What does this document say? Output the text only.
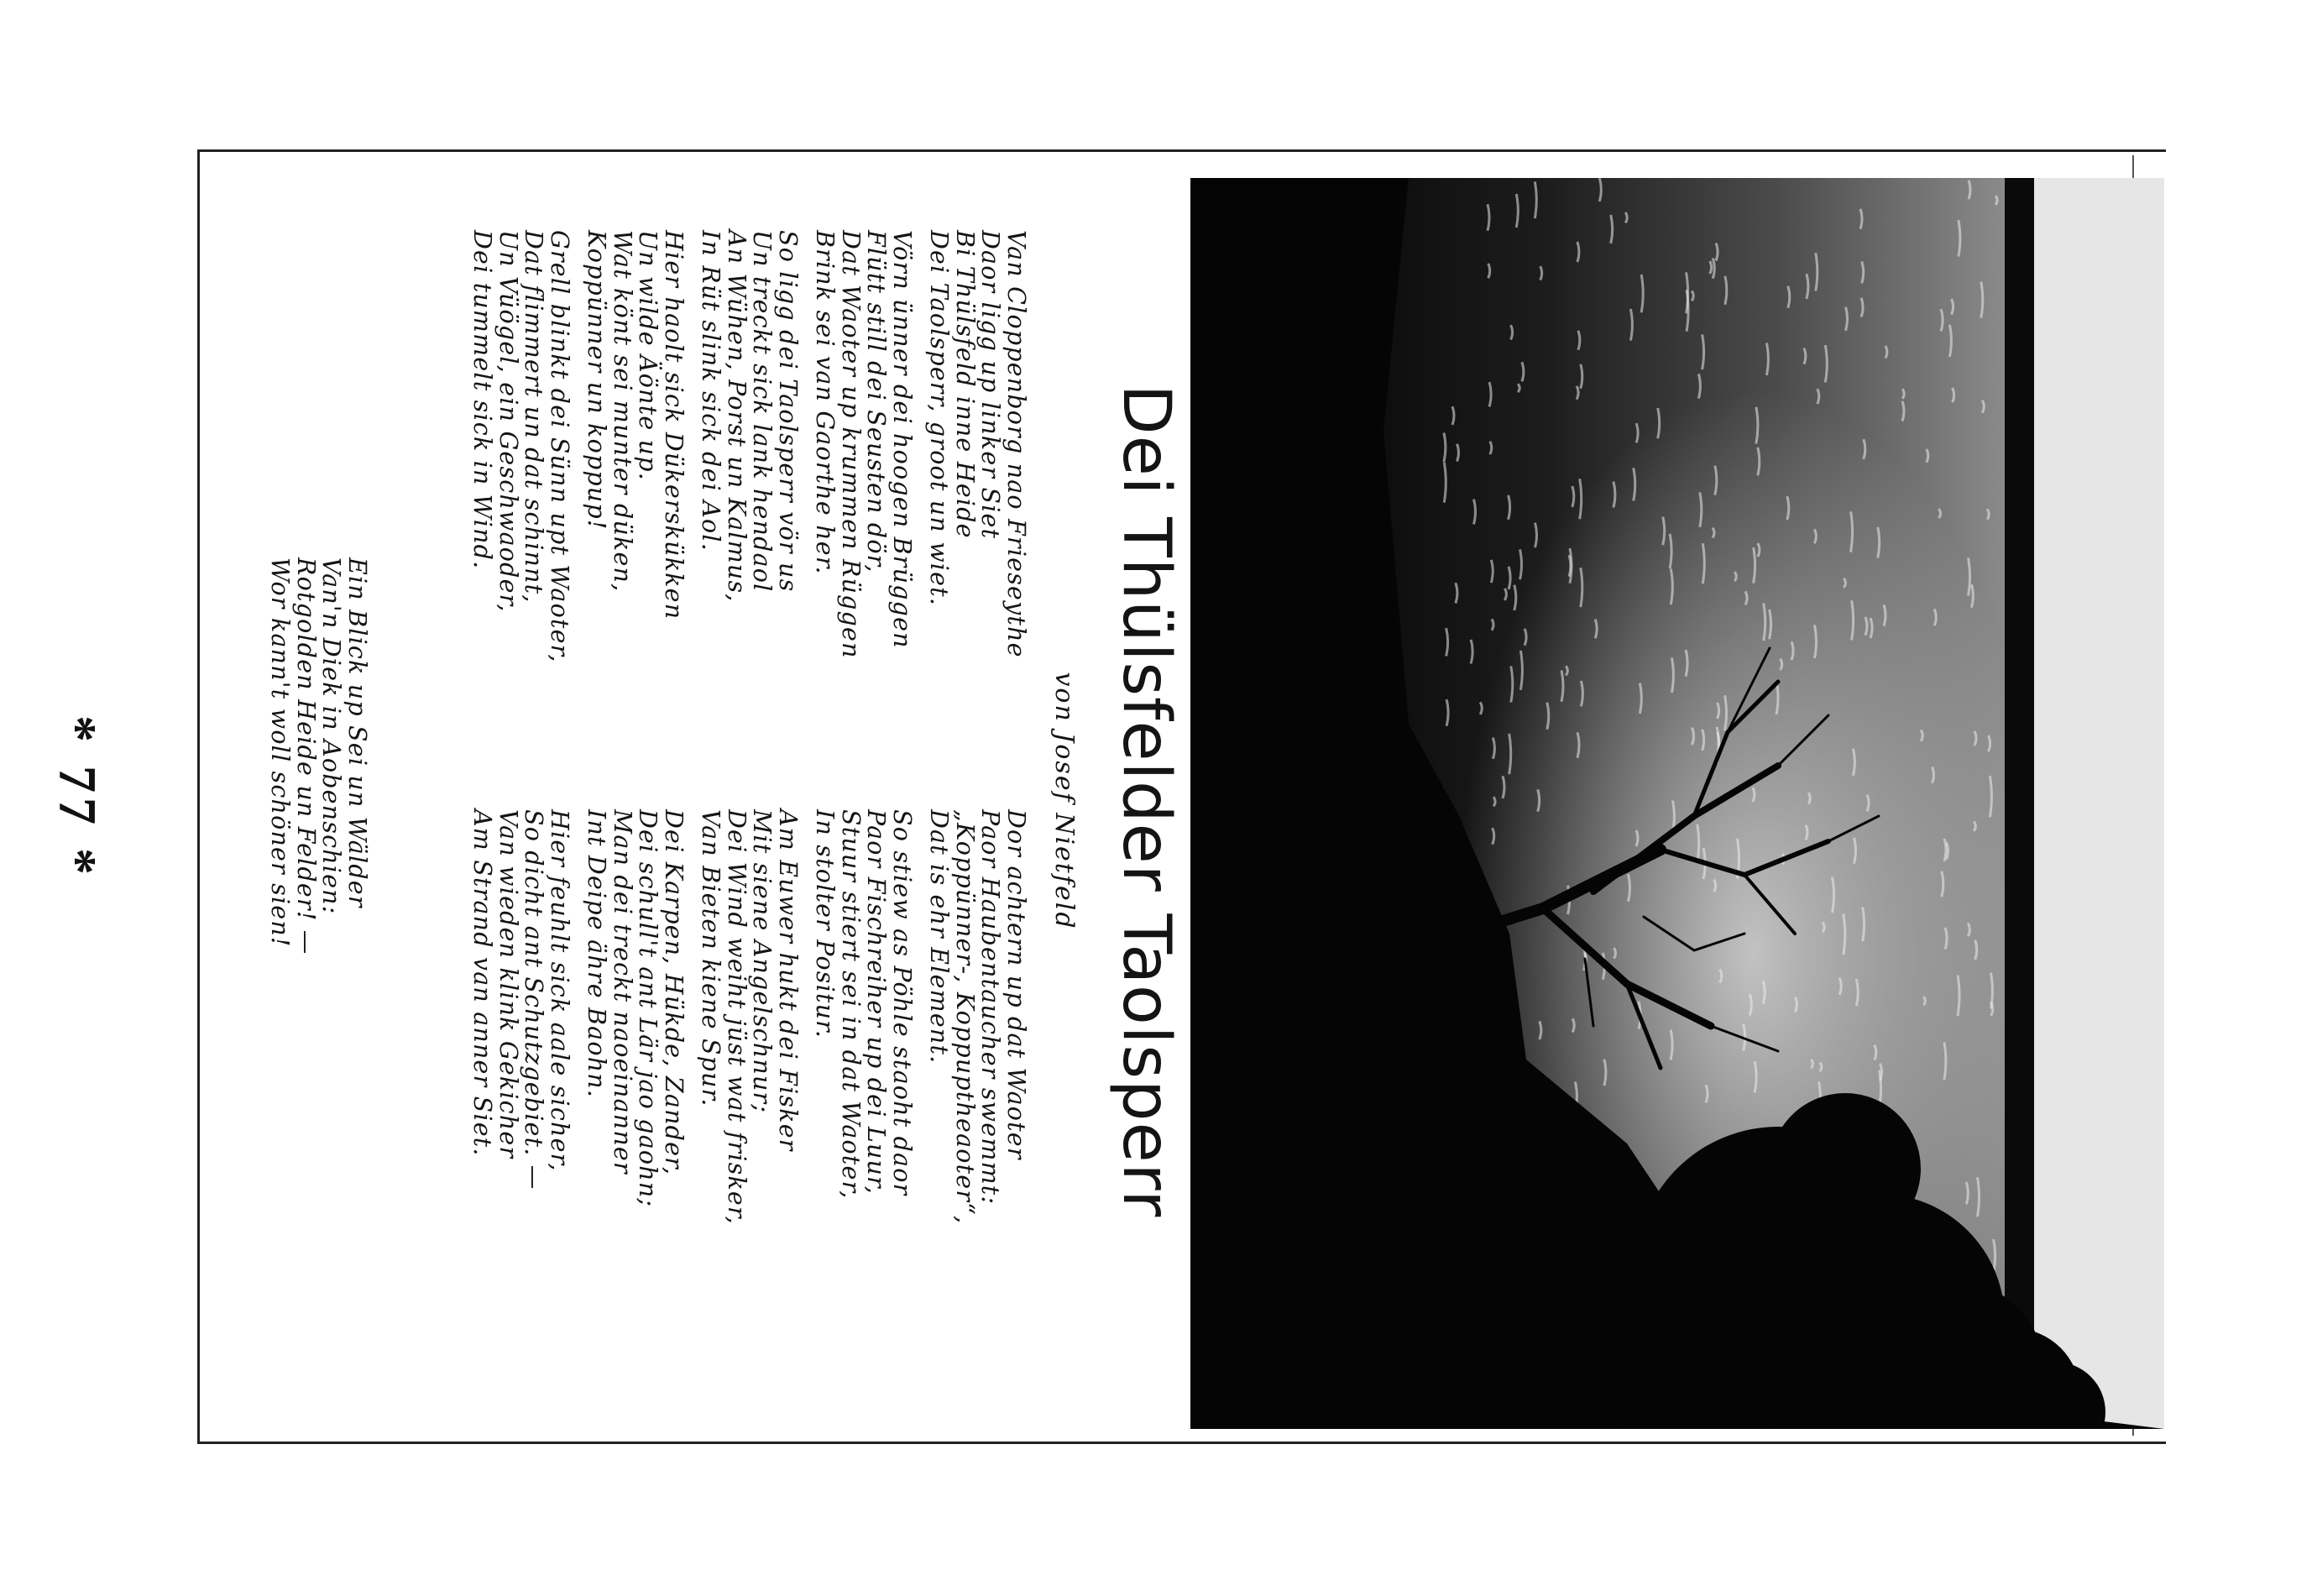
* 77 *	Dei Thülsfelder Taolsperr
von Josef Nietfeld
Van Cloppenborg nao Frieseythe
Daor ligg up linker Siet
Bi Thülsfeld inne Heide
Dei Taolsperr, groot un wiet.
Vörn ünner dei hoogen Brüggen
Flütt still dei Seusten dör,
Dat Waoter up krummen Rüggen
Brink sei van Gaorthe her.
So ligg dei Taolsperr vör us
Un treckt sick lank hendaol
An Wühen, Porst un Kalmus,
In Rüt slink sick dei Aol.
Hier haolt sick Dükerskükken
Un wilde Äönte up.
Wat könt sei munter düken,
Koppünner un koppup!
Grell blinkt dei Sünn upt Waoter,
Dat flimmert un dat schinnt,
Un Vüögel, ein Geschwaoder,
Dei tummelt sick in Wind.
Dor achtern up dat Waoter
Paor Haubentaucher swemmt:
„Koppünner-, Koppuptheaoter“,
Dat is ehr Element.
So stiew as Pöhle staoht daor
Paor Fischreiher up dei Luur,
Stuur stiert sei in dat Waoter,
In stolter Positur.
Am Euwer hukt dei Fisker
Mit siene Angelschnur;
Dei Wind weiht jüst wat frisker,
Van Bieten kiene Spur.
Dei Karpen, Hükde, Zander,
Dei schull't ant Lär jao gaohn;
Man dei treckt naoeinanner
Int Deipe ähre Baohn.
Hier feuhlt sick aale sicher,
So dicht ant Schutzgebiet. —
Van wieden klink Gekicher
Am Strand van anner Siet.
Ein Blick up Sei un Wälder
Van'n Diek in Aobenschien:
Rotgolden Heide un Felder! —
Wor kann't woll schöner sien!
